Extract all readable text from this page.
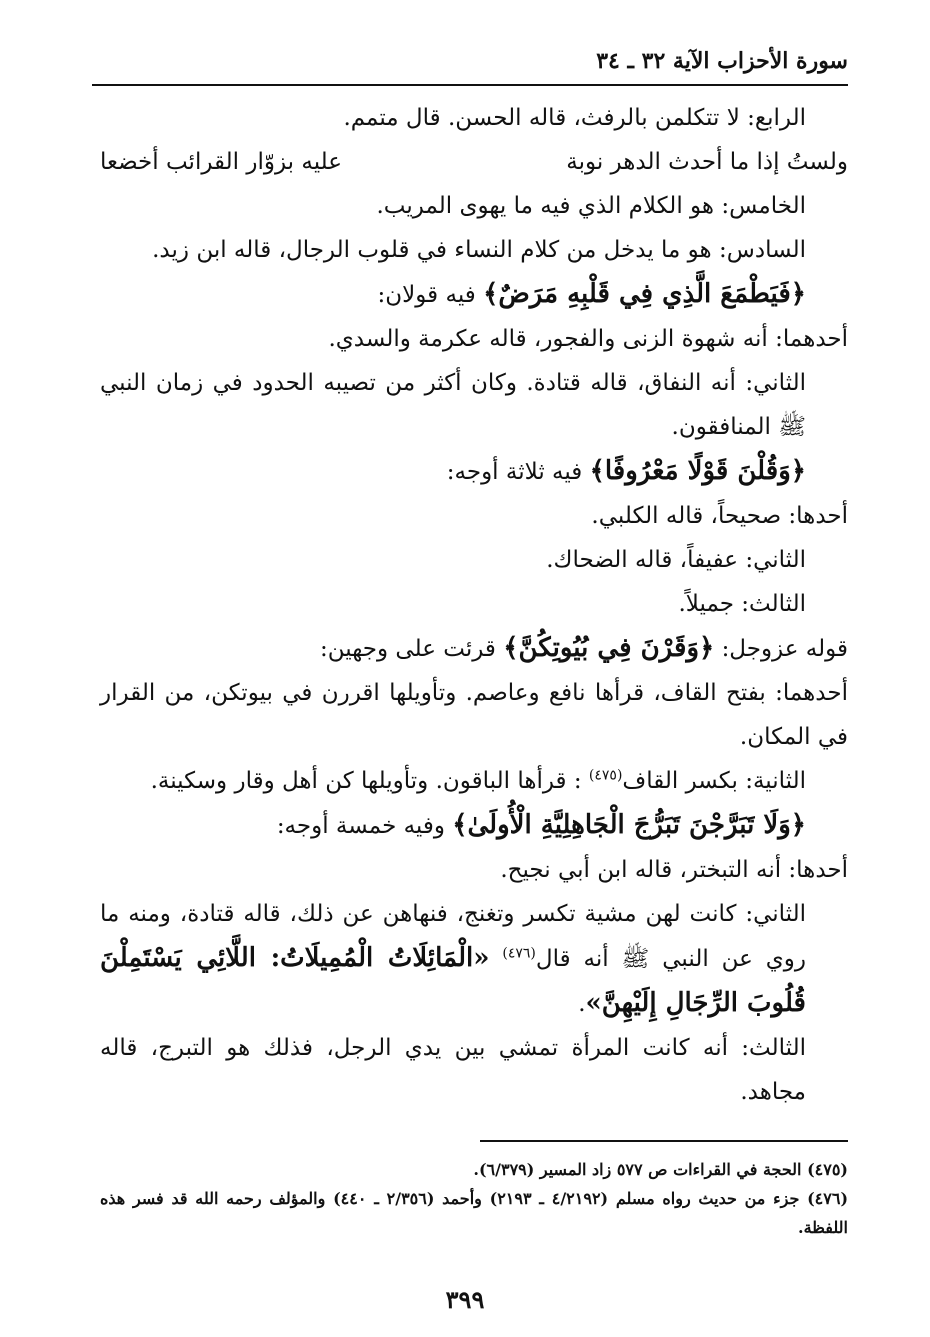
سورة الأحزاب الآية ٣٢ ـ ٣٤

الرابع: لا تتكلمن بالرفث، قاله الحسن. قال متمم.

ولستُ إذا ما أحدث الدهر نوبة
عليه بزوّار القرائب أخضعا

الخامس: هو الكلام الذي فيه ما يهوى المريب.

السادس: هو ما يدخل من كلام النساء في قلوب الرجال، قاله ابن زيد.

﴿فَيَطْمَعَ الَّذِي فِي قَلْبِهِ مَرَضٌ﴾ فيه قولان:

أحدهما: أنه شهوة الزنى والفجور، قاله عكرمة والسدي.

الثاني: أنه النفاق، قاله قتادة. وكان أكثر من تصيبه الحدود في زمان النبي ﷺ المنافقون.

﴿وَقُلْنَ قَوْلًا مَعْرُوفًا﴾ فيه ثلاثة أوجه:

أحدها: صحيحاً، قاله الكلبي.

الثاني: عفيفاً، قاله الضحاك.

الثالث: جميلاً.

قوله عزوجل: ﴿وَقَرْنَ فِي بُيُوتِكُنَّ﴾ قرئت على وجهين:

أحدهما: بفتح القاف، قرأها نافع وعاصم. وتأويلها اقررن في بيوتكن، من القرار في المكان.

الثانية: بكسر القاف$^{(٤٧٥)}$ : قرأها الباقون. وتأويلها كن أهل وقار وسكينة.

﴿وَلَا تَبَرَّجْنَ تَبَرُّجَ الْجَاهِلِيَّةِ الْأُولَىٰ﴾ وفيه خمسة أوجه:

أحدها: أنه التبختر، قاله ابن أبي نجيح.

الثاني: كانت لهن مشية تكسر وتغنج، فنهاهن عن ذلك، قاله قتادة، ومنه ما روي عن النبي ﷺ أنه قال$^{(٤٧٦)}$ «الْمَائِلَاتُ الْمُمِيلَاتُ: اللَّائِي يَسْتَمِلْنَ قُلُوبَ الرِّجَالِ إِلَيْهِنَّ».

الثالث: أنه كانت المرأة تمشي بين يدي الرجل، فذلك هو التبرج، قاله مجاهد.

(٤٧٥) الحجة في القراءات ص ٥٧٧ زاد المسير (٦/٣٧٩).
(٤٧٦) جزء من حديث رواه مسلم (٤/٢١٩٢ ـ ٢١٩٣) وأحمد (٢/٣٥٦ ـ ٤٤٠) والمؤلف رحمه الله قد فسر هذه اللفظة.
٣٩٩
